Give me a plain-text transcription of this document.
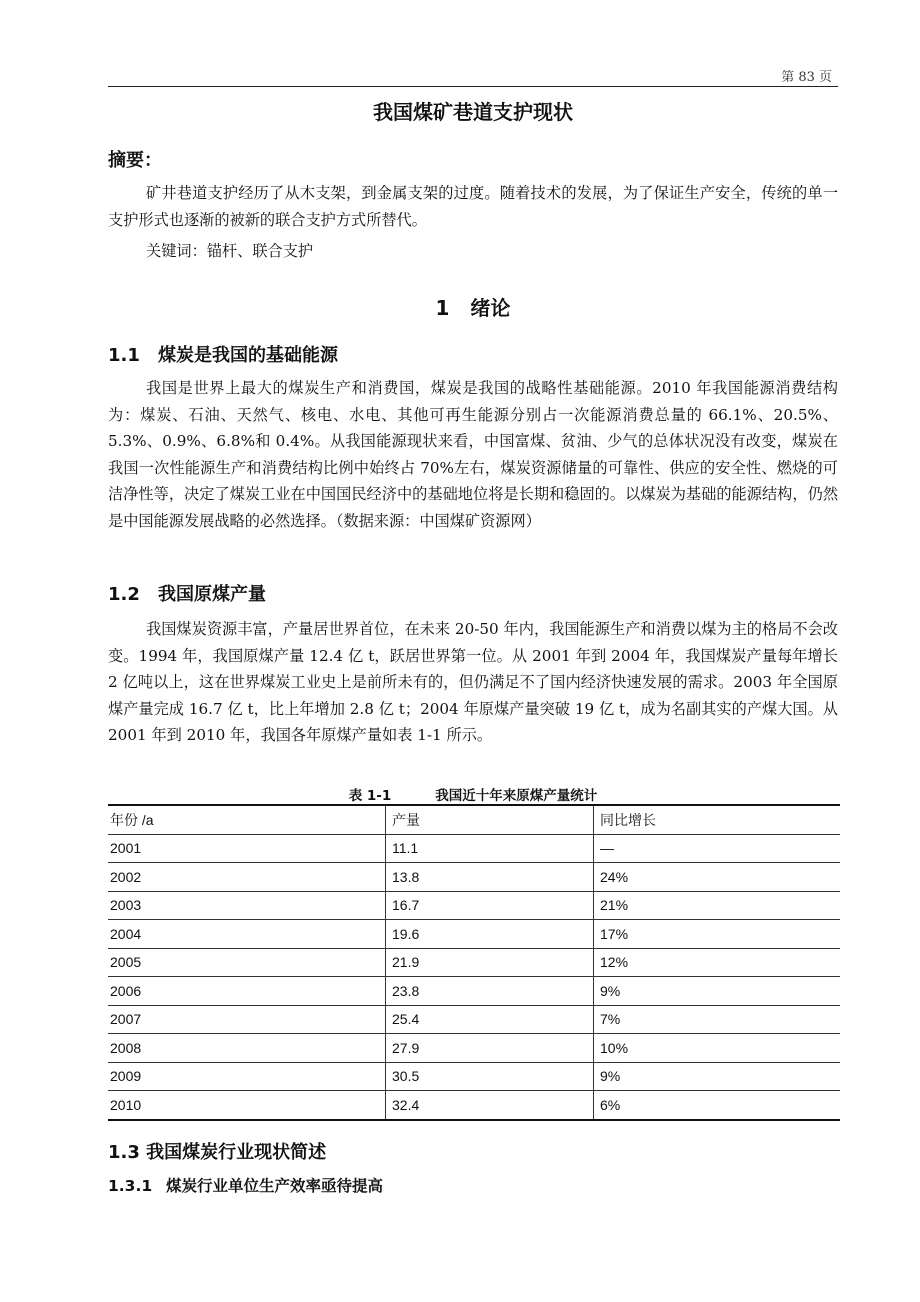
第 83 页
我国煤矿巷道支护现状
摘要：

矿井巷道支护经历了从木支架，到金属支架的过度。随着技术的发展，为了保证生产安全，传统的单一支护形式也逐渐的被新的联合支护方式所替代。

关键词：锚杆、联合支护
1 绪论
1.1 煤炭是我国的基础能源

我国是世界上最大的煤炭生产和消费国，煤炭是我国的战略性基础能源。2010 年我国能源消费结构为：煤炭、石油、天然气、核电、水电、其他可再生能源分别占一次能源消费总量的 66.1%、20.5%、5.3%、0.9%、6.8%和 0.4%。从我国能源现状来看，中国富煤、贫油、少气的总体状况没有改变，煤炭在我国一次性能源生产和消费结构比例中始终占 70%左右，煤炭资源储量的可靠性、供应的安全性、燃烧的可洁净性等，决定了煤炭工业在中国国民经济中的基础地位将是长期和稳固的。以煤炭为基础的能源结构，仍然是中国能源发展战略的必然选择。（数据来源：中国煤矿资源网）

1.2 我国原煤产量

我国煤炭资源丰富，产量居世界首位，在未来 20-50 年内，我国能源生产和消费以煤为主的格局不会改变。1994 年，我国原煤产量 12.4 亿 t，跃居世界第一位。从 2001 年到 2004 年，我国煤炭产量每年增长 2 亿吨以上，这在世界煤炭工业史上是前所未有的，但仍满足不了国内经济快速发展的需求。2003 年全国原煤产量完成 16.7 亿 t，比上年增加 2.8 亿 t；2004 年原煤产量突破 19 亿 t，成为名副其实的产煤大国。从 2001 年到 2010 年，我国各年原煤产量如表 1-1 所示。

表 1-1	我国近十年来原煤产量统计
年份 /a	产量	同比增长
2001	11.1	—
2002	13.8	24%
2003	16.7	21%
2004	19.6	17%
2005	21.9	12%
2006	23.8	9%
2007	25.4	7%
2008	27.9	10%
2009	30.5	9%
2010	32.4	6%
1.3 我国煤炭行业现状简述
1.3.1 煤炭行业单位生产效率亟待提高
